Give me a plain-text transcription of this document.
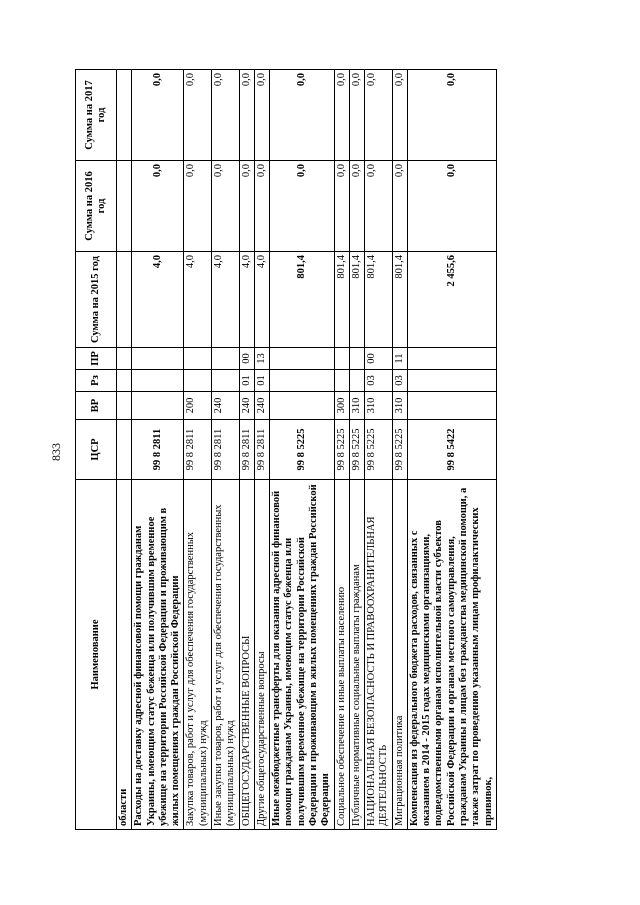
833
Наименование	ЦСР	ВР	Рз	ПР	Сумма на 2015 год	Сумма на 2016 год	Сумма на 2017 год
области							
Расходы на доставку адресной финансовой помощи гражданам Украины, имеющим статус беженца или получившим временное убежище на территории Российской Федерации и проживающим в жилых помещениях граждан Российской Федерации	99 8 2811				4,0	0,0	0,0
Закупка товаров, работ и услуг для обеспечения государственных (муниципальных) нужд	99 8 2811	200			4,0	0,0	0,0
Иные закупки товаров, работ и услуг для обеспечения государственных (муниципальных) нужд	99 8 2811	240			4,0	0,0	0,0
ОБЩЕГОСУДАРСТВЕННЫЕ ВОПРОСЫ	99 8 2811	240	01	00	4,0	0,0	0,0
Другие общегосударственные вопросы	99 8 2811	240	01	13	4,0	0,0	0,0
Иные межбюджетные трансферты для оказания адресной финансовой помощи гражданам Украины, имеющим статус беженца или получившим временное убежище на территории Российской Федерации и проживающим в жилых помещениях граждан Российской Федерации	99 8 5225				801,4	0,0	0,0
Социальное обеспечение и иные выплаты населению	99 8 5225	300			801,4	0,0	0,0
Публичные нормативные социальные выплаты гражданам	99 8 5225	310			801,4	0,0	0,0
НАЦИОНАЛЬНАЯ БЕЗОПАСНОСТЬ И ПРАВООХРАНИТЕЛЬНАЯ ДЕЯТЕЛЬНОСТЬ	99 8 5225	310	03	00	801,4	0,0	0,0
Миграционная политика	99 8 5225	310	03	11	801,4	0,0	0,0
Компенсация из федерального бюджета расходов, связанных с оказанием в 2014 - 2015 годах медицинскими организациями, подведомственными органам исполнительной власти субъектов Российской Федерации и органам местного самоуправления, гражданам Украины и лицам без гражданства медицинской помощи, а также затрат по проведению указанным лицам профилактических прививок,	99 8 5422				2 455,6	0,0	0,0
